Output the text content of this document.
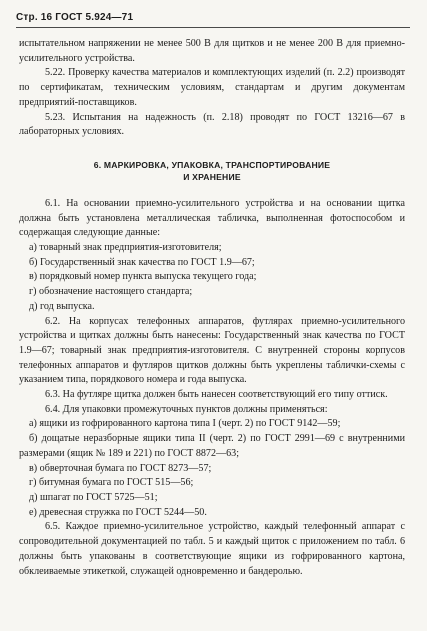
Стр. 16 ГОСТ 5.924—71

испытательном напряжении не менее 500 В для щитков и не менее 200 В для приемно-усилительного устройства.

5.22. Проверку качества материалов и комплектующих изделий (п. 2.2) производят по сертификатам, техническим условиям, стандартам и другим документам предприятий-поставщиков.

5.23. Испытания на надежность (п. 2.18) проводят по ГОСТ 13216—67 в лабораторных условиях.

6. МАРКИРОВКА, УПАКОВКА, ТРАНСПОРТИРОВАНИЕ
И ХРАНЕНИЕ

6.1. На основании приемно-усилительного устройства и на основании щитка должна быть установлена металлическая табличка, выполненная фотоспособом и содержащая следующие данные:

а) товарный знак предприятия-изготовителя;

б) Государственный знак качества по ГОСТ 1.9—67;

в) порядковый номер пункта выпуска текущего года;

г) обозначение настоящего стандарта;

д) год выпуска.

6.2. На корпусах телефонных аппаратов, футлярах приемно-усилительного устройства и щитках должны быть нанесены: Государственный знак качества по ГОСТ 1.9—67; товарный знак предприятия-изготовителя. С внутренней стороны корпусов телефонных аппаратов и футляров щитков должны быть укреплены таблички-схемы с указанием типа, порядкового номера и года выпуска.

6.3. На футляре щитка должен быть нанесен соответствующий его типу оттиск.

6.4. Для упаковки промежуточных пунктов должны применяться:

а) ящики из гофрированного картона типа I (черт. 2) по ГОСТ 9142—59;

б) дощатые неразборные ящики типа II (черт. 2) по ГОСТ 2991—69 с внутренними размерами (ящик № 189 и 221) по ГОСТ 8872—63;

в) обверточная бумага по ГОСТ 8273—57;

г) битумная бумага по ГОСТ 515—56;

д) шпагат по ГОСТ 5725—51;

е) древесная стружка по ГОСТ 5244—50.

6.5. Каждое приемно-усилительное устройство, каждый телефонный аппарат с сопроводительной документацией по табл. 5 и каждый щиток с приложением по табл. 6 должны быть упакованы в соответствующие ящики из гофрированного картона, обклеиваемые этикеткой, служащей одновременно и бандеролью.
